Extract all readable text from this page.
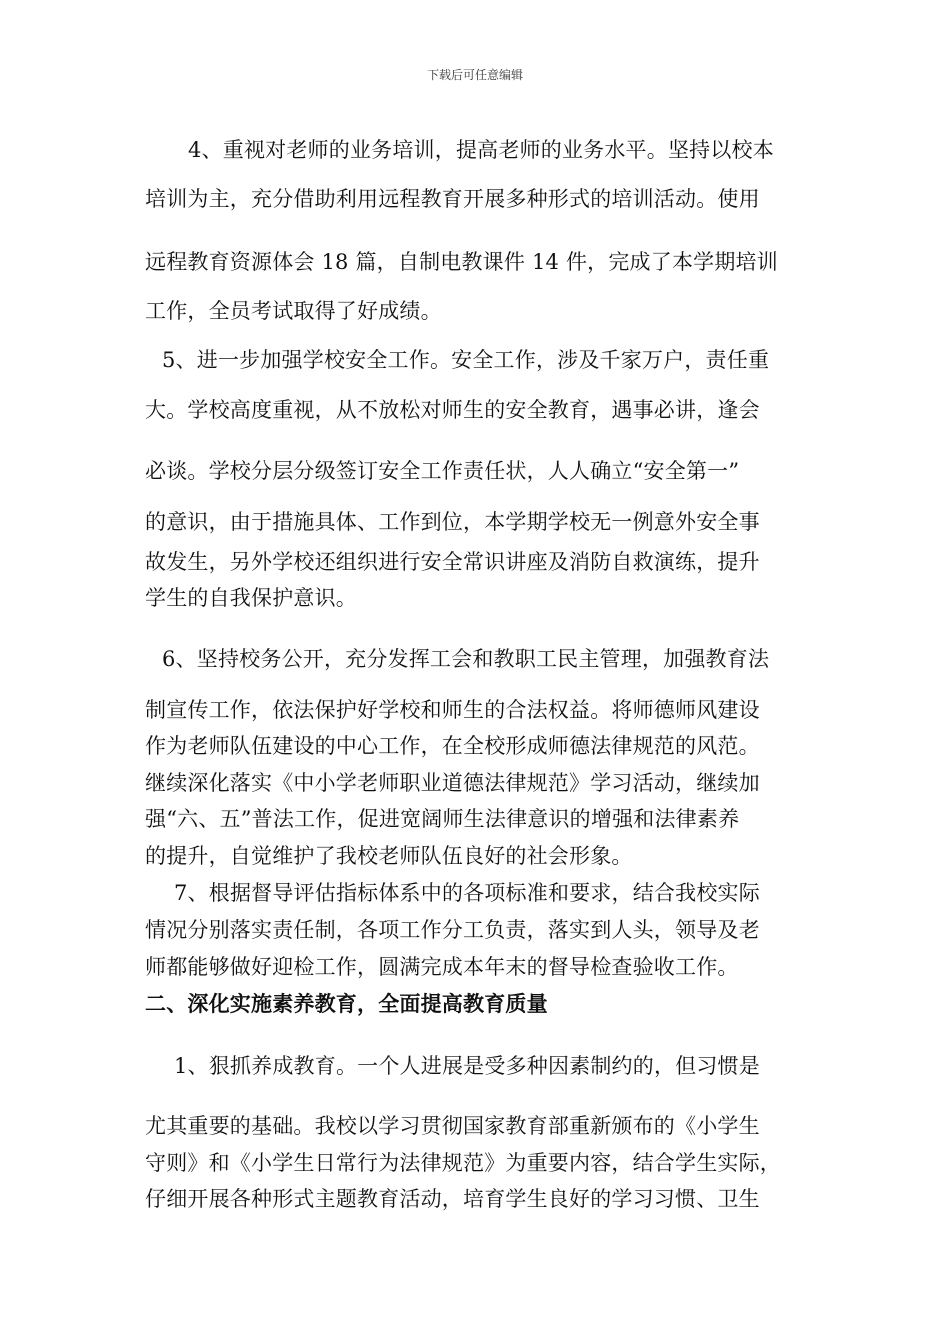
下载后可任意编辑
4、重视对老师的业务培训，提高老师的业务水平。坚持以校本
培训为主，充分借助利用远程教育开展多种形式的培训活动。使用
远程教育资源体会 18 篇，自制电教课件 14 件，完成了本学期培训
工作，全员考试取得了好成绩。
5、进一步加强学校安全工作。安全工作，涉及千家万户，责任重
大。学校高度重视，从不放松对师生的安全教育，遇事必讲，逢会
必谈。学校分层分级签订安全工作责任状，人人确立“安全第一”
的意识，由于措施具体、工作到位，本学期学校无一例意外安全事
故发生，另外学校还组织进行安全常识讲座及消防自救演练，提升
学生的自我保护意识。
6、坚持校务公开，充分发挥工会和教职工民主管理，加强教育法
制宣传工作，依法保护好学校和师生的合法权益。将师德师风建设
作为老师队伍建设的中心工作，在全校形成师德法律规范的风范。
继续深化落实《中小学老师职业道德法律规范》学习活动，继续加
强“六、五”普法工作，促进宽阔师生法律意识的增强和法律素养
的提升，自觉维护了我校老师队伍良好的社会形象。
7、根据督导评估指标体系中的各项标准和要求，结合我校实际
情况分别落实责任制，各项工作分工负责，落实到人头，领导及老
师都能够做好迎检工作，圆满完成本年末的督导检查验收工作。
二、深化实施素养教育，全面提高教育质量
1、狠抓养成教育。一个人进展是受多种因素制约的，但习惯是
尤其重要的基础。我校以学习贯彻国家教育部重新颁布的《小学生
守则》和《小学生日常行为法律规范》为重要内容，结合学生实际，
仔细开展各种形式主题教育活动，培育学生良好的学习习惯、卫生
